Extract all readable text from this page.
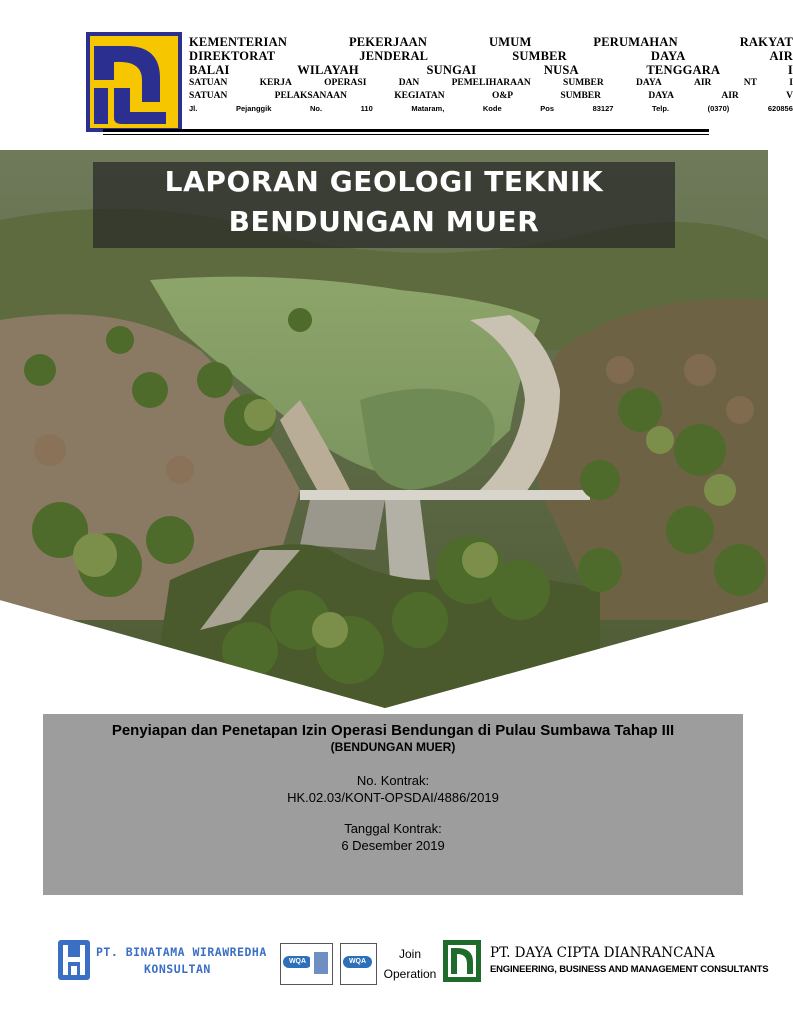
KEMENTERIAN	PEKERJAAN	UMUM	PERUMAHAN	RAKYAT
DIREKTORAT	JENDERAL	SUMBER	DAYA	AIR
BALAI	WILAYAH	SUNGAI	NUSA	TENGGARA	I
SATUAN	KERJA	OPERASI	DAN	PEMELIHARAAN	SUMBER	DAYA	AIR	NT	I
SATUAN	PELAKSANAAN	KEGIATAN	O&P	SUMBER	DAYA	AIR	V
Jl.	Pejanggik	No.	110	Mataram,	Kode	Pos	83127	Telp.	(0370)	620856
LAPORAN GEOLOGI TEKNIK
BENDUNGAN MUER
Penyiapan dan Penetapan Izin Operasi Bendungan di Pulau Sumbawa Tahap III
(BENDUNGAN MUER)
No. Kontrak:
HK.02.03/KONT-OPSDAI/4886/2019
Tanggal Kontrak:
6 Desember 2019
PT. BINATAMA WIRAWREDHA
KONSULTAN
WQA	WQA
Join
Operation
PT. DAYA CIPTA DIANRANCANA
ENGINEERING, BUSINESS AND MANAGEMENT CONSULTANTS
